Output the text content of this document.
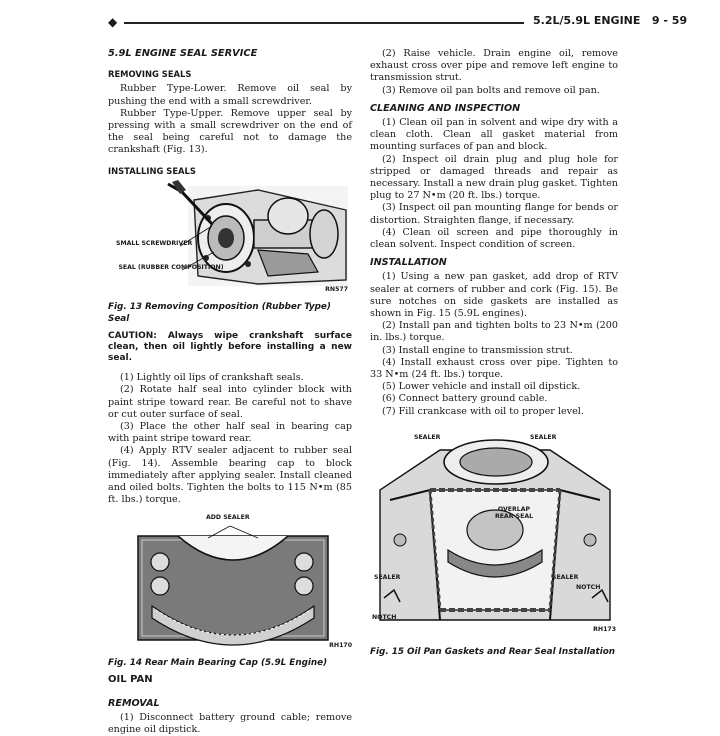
◆	5.2L/5.9L ENGINE 9 - 59
5.9L ENGINE SEAL SERVICE
REMOVING SEALS

Rubber Type-Lower. Remove oil seal by pushing the end with a small screwdriver.

Rubber Type-Upper. Remove upper seal by pressing with a small screwdriver on the end of the seal being careful not to damage the crankshaft (Fig. 13).

INSTALLING SEALS
SMALL SCREWDRIVER
SEAL (RUBBER COMPOSITION)
RN577
Fig. 13 Removing Composition (Rubber Type) Seal
CAUTION: Always wipe crankshaft surface clean, then oil lightly before installing a new seal.

(1) Lightly oil lips of crankshaft seals.

(2) Rotate half seal into cylinder block with paint stripe toward rear. Be careful not to shave or cut outer surface of seal.

(3) Place the other half seal in bearing cap with paint stripe toward rear.

(4) Apply RTV sealer adjacent to rubber seal (Fig. 14). Assemble bearing cap to block immediately after applying sealer. Install cleaned and oiled bolts. Tighten the bolts to 115 N•m (85 ft. lbs.) torque.

ADD SEALER
RH170
Fig. 14 Rear Main Bearing Cap (5.9L Engine)
OIL PAN
REMOVAL

(1) Disconnect battery ground cable; remove engine oil dipstick.

(2) Raise vehicle. Drain engine oil, remove exhaust cross over pipe and remove left engine to transmission strut.

(3) Remove oil pan bolts and remove oil pan.

CLEANING AND INSPECTION

(1) Clean oil pan in solvent and wipe dry with a clean cloth. Clean all gasket material from mounting surfaces of pan and block.

(2) Inspect oil drain plug and plug hole for stripped or damaged threads and repair as necessary. Install a new drain plug gasket. Tighten plug to 27 N•m (20 ft. lbs.) torque.

(3) Inspect oil pan mounting flange for bends or distortion. Straighten flange, if necessary.

(4) Clean oil screen and pipe thoroughly in clean solvent. Inspect condition of screen.

INSTALLATION

(1) Using a new pan gasket, add drop of RTV sealer at corners of rubber and cork (Fig. 15). Be sure notches on side gaskets are installed as shown in Fig. 15 (5.9L engines).

(2) Install pan and tighten bolts to 23 N•m (200 in. lbs.) torque.

(3) Install engine to transmission strut.

(4) Install exhaust cross over pipe. Tighten to 33 N•m (24 ft. lbs.) torque.

(5) Lower vehicle and install oil dipstick.

(6) Connect battery ground cable.

(7) Fill crankcase with oil to proper level.

SEALER	SEALER
OVERLAP REAR SEAL
SEALER	SEALER
NOTCH
NOTCH
RH173
Fig. 15 Oil Pan Gaskets and Rear Seal Installation
